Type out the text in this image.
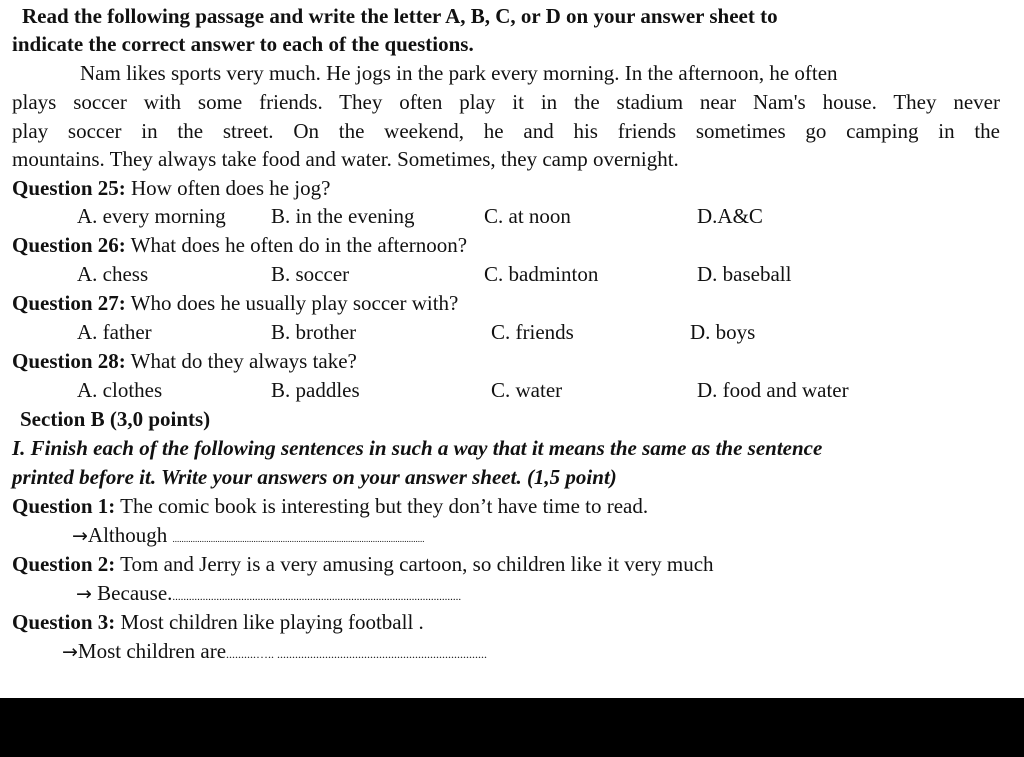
Read the following passage and write the letter A, B, C, or D on your answer sheet to
indicate the correct answer to each of the questions.
Nam likes sports very much. He jogs in the park every morning. In the afternoon, he often
plays soccer with some friends. They often play it in the stadium near Nam's house. They never
play soccer in the street. On the weekend, he and his friends sometimes go camping in the
mountains. They always take food and water. Sometimes, they camp overnight.
Question 25: How often does he jog?
A. every morning B. in the evening	C. at noon	D.A&C
Question 26: What does he often do in the afternoon?
A. chess	B. soccer	C. badminton	D. baseball
Question 27: Who does he usually play soccer with?
A. father	B. brother	C. friends	D. boys
Question 28: What do they always take?
A. clothes	B. paddles	C. water	D. food and water
Section B (3,0 points)
I. Finish each of the following sentences in such a way that it means the same as the sentence
printed before it. Write your answers on your answer sheet. (1,5 point)
Question 1: The comic book is interesting but they don’t have time to read.
→Although ................................................................................................................
Question 2: Tom and Jerry is a very amusing cartoon, so children like it very much
→ Because..........................................................................................................
Question 3: Most children like playing football .
→Most children are..........….. ......................................................................
